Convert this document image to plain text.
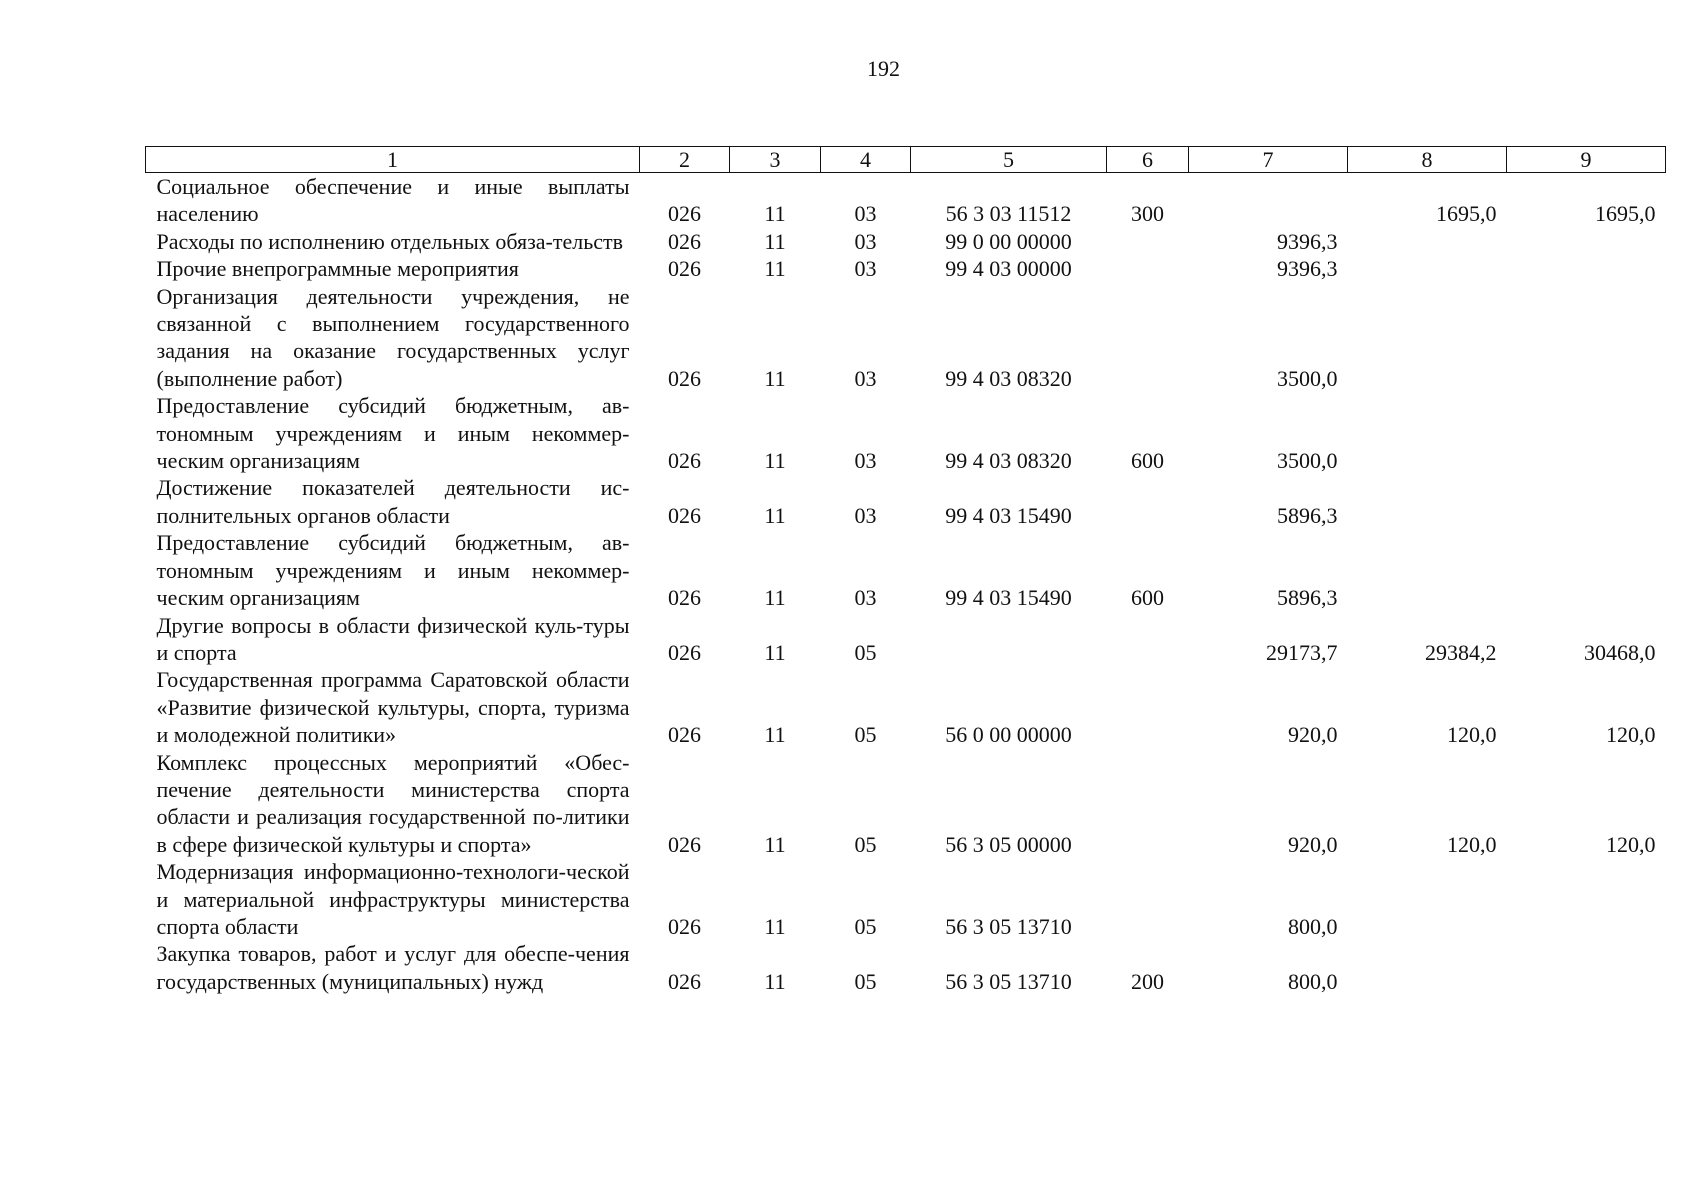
192
1	2	3	4	5	6	7	8	9
Социальное обеспечение и иные выплаты населению	026	11	03	56 3 03 11512	300		1695,0	1695,0
Расходы по исполнению отдельных обяза-тельств	026	11	03	99 0 00 00000		9396,3		
Прочие внепрограммные мероприятия	026	11	03	99 4 03 00000		9396,3		
Организация деятельности учреждения, не связанной с выполнением государственного задания на оказание государственных услуг (выполнение работ)	026	11	03	99 4 03 08320		3500,0		
Предоставление субсидий бюджетным, ав-тономным учреждениям и иным некоммер-ческим организациям	026	11	03	99 4 03 08320	600	3500,0		
Достижение показателей деятельности ис-полнительных органов области	026	11	03	99 4 03 15490		5896,3		
Предоставление субсидий бюджетным, ав-тономным учреждениям и иным некоммер-ческим организациям	026	11	03	99 4 03 15490	600	5896,3		
Другие вопросы в области физической куль-туры и спорта	026	11	05			29173,7	29384,2	30468,0
Государственная программа Саратовской области «Развитие физической культуры, спорта, туризма и молодежной политики»	026	11	05	56 0 00 00000		920,0	120,0	120,0
Комплекс процессных мероприятий «Обес-печение деятельности министерства спорта области и реализация государственной по-литики в сфере физической культуры и спорта»	026	11	05	56 3 05 00000		920,0	120,0	120,0
Модернизация информационно-технологи-ческой и материальной инфраструктуры министерства спорта области	026	11	05	56 3 05 13710		800,0		
Закупка товаров, работ и услуг для обеспе-чения государственных (муниципальных) нужд	026	11	05	56 3 05 13710	200	800,0		
